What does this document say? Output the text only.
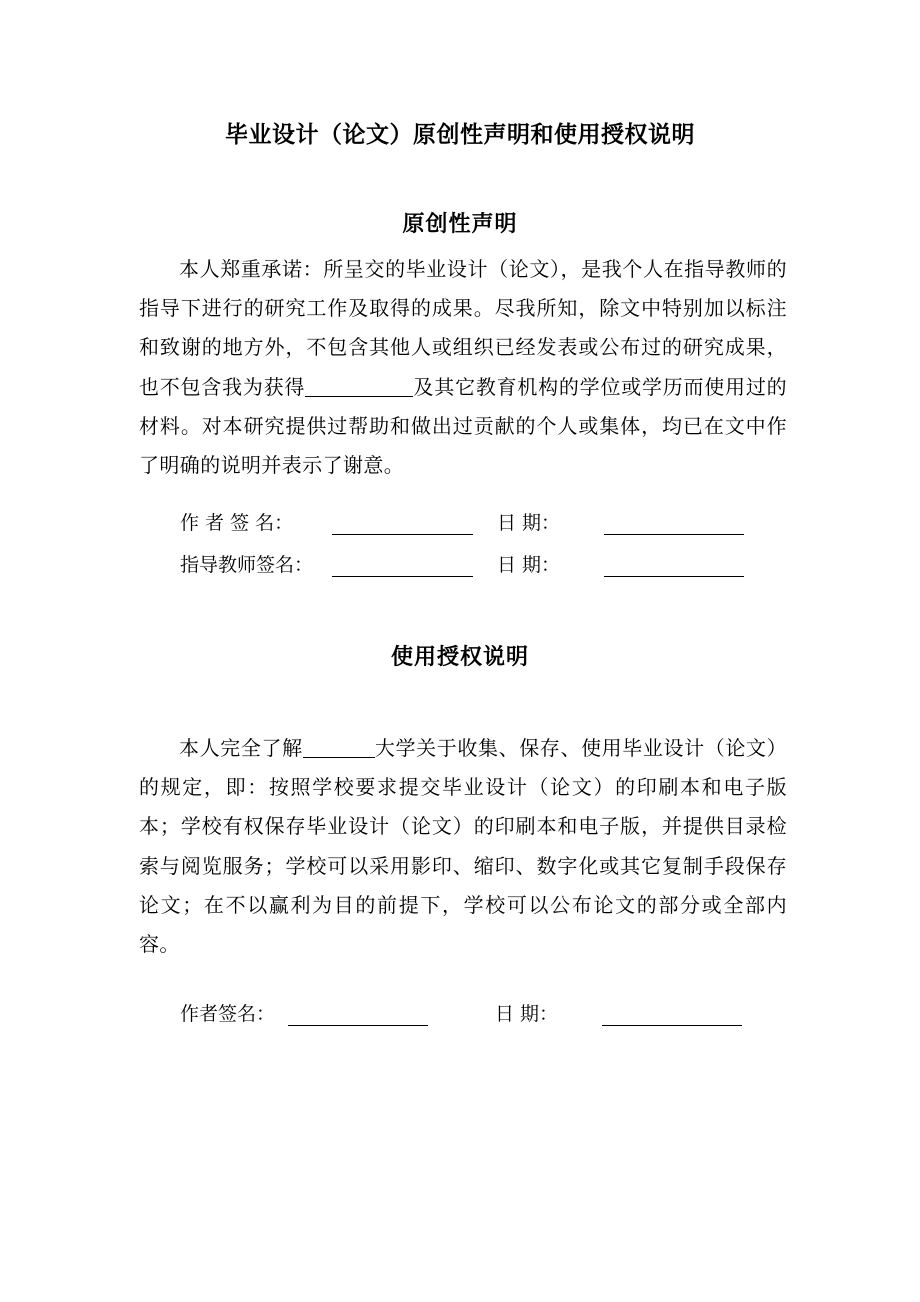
毕业设计（论文）原创性声明和使用授权说明
原创性声明
本人郑重承诺：所呈交的毕业设计（论文），是我个人在指导教师的指导下进行的研究工作及取得的成果。尽我所知，除文中特别加以标注和致谢的地方外，不包含其他人或组织已经发表或公布过的研究成果，也不包含我为获得	及其它教育机构的学位或学历而使用过的材料。对本研究提供过帮助和做出过贡献的个人或集体，均已在文中作了明确的说明并表示了谢意。
作 者 签 名：	日 期：
指导教师签名：	日 期：
使用授权说明
本人完全了解	大学关于收集、保存、使用毕业设计（论文）的规定，即：按照学校要求提交毕业设计（论文）的印刷本和电子版本；学校有权保存毕业设计（论文）的印刷本和电子版，并提供目录检索与阅览服务；学校可以采用影印、缩印、数字化或其它复制手段保存论文；在不以赢利为目的前提下，学校可以公布论文的部分或全部内容。
作者签名：	日 期：
